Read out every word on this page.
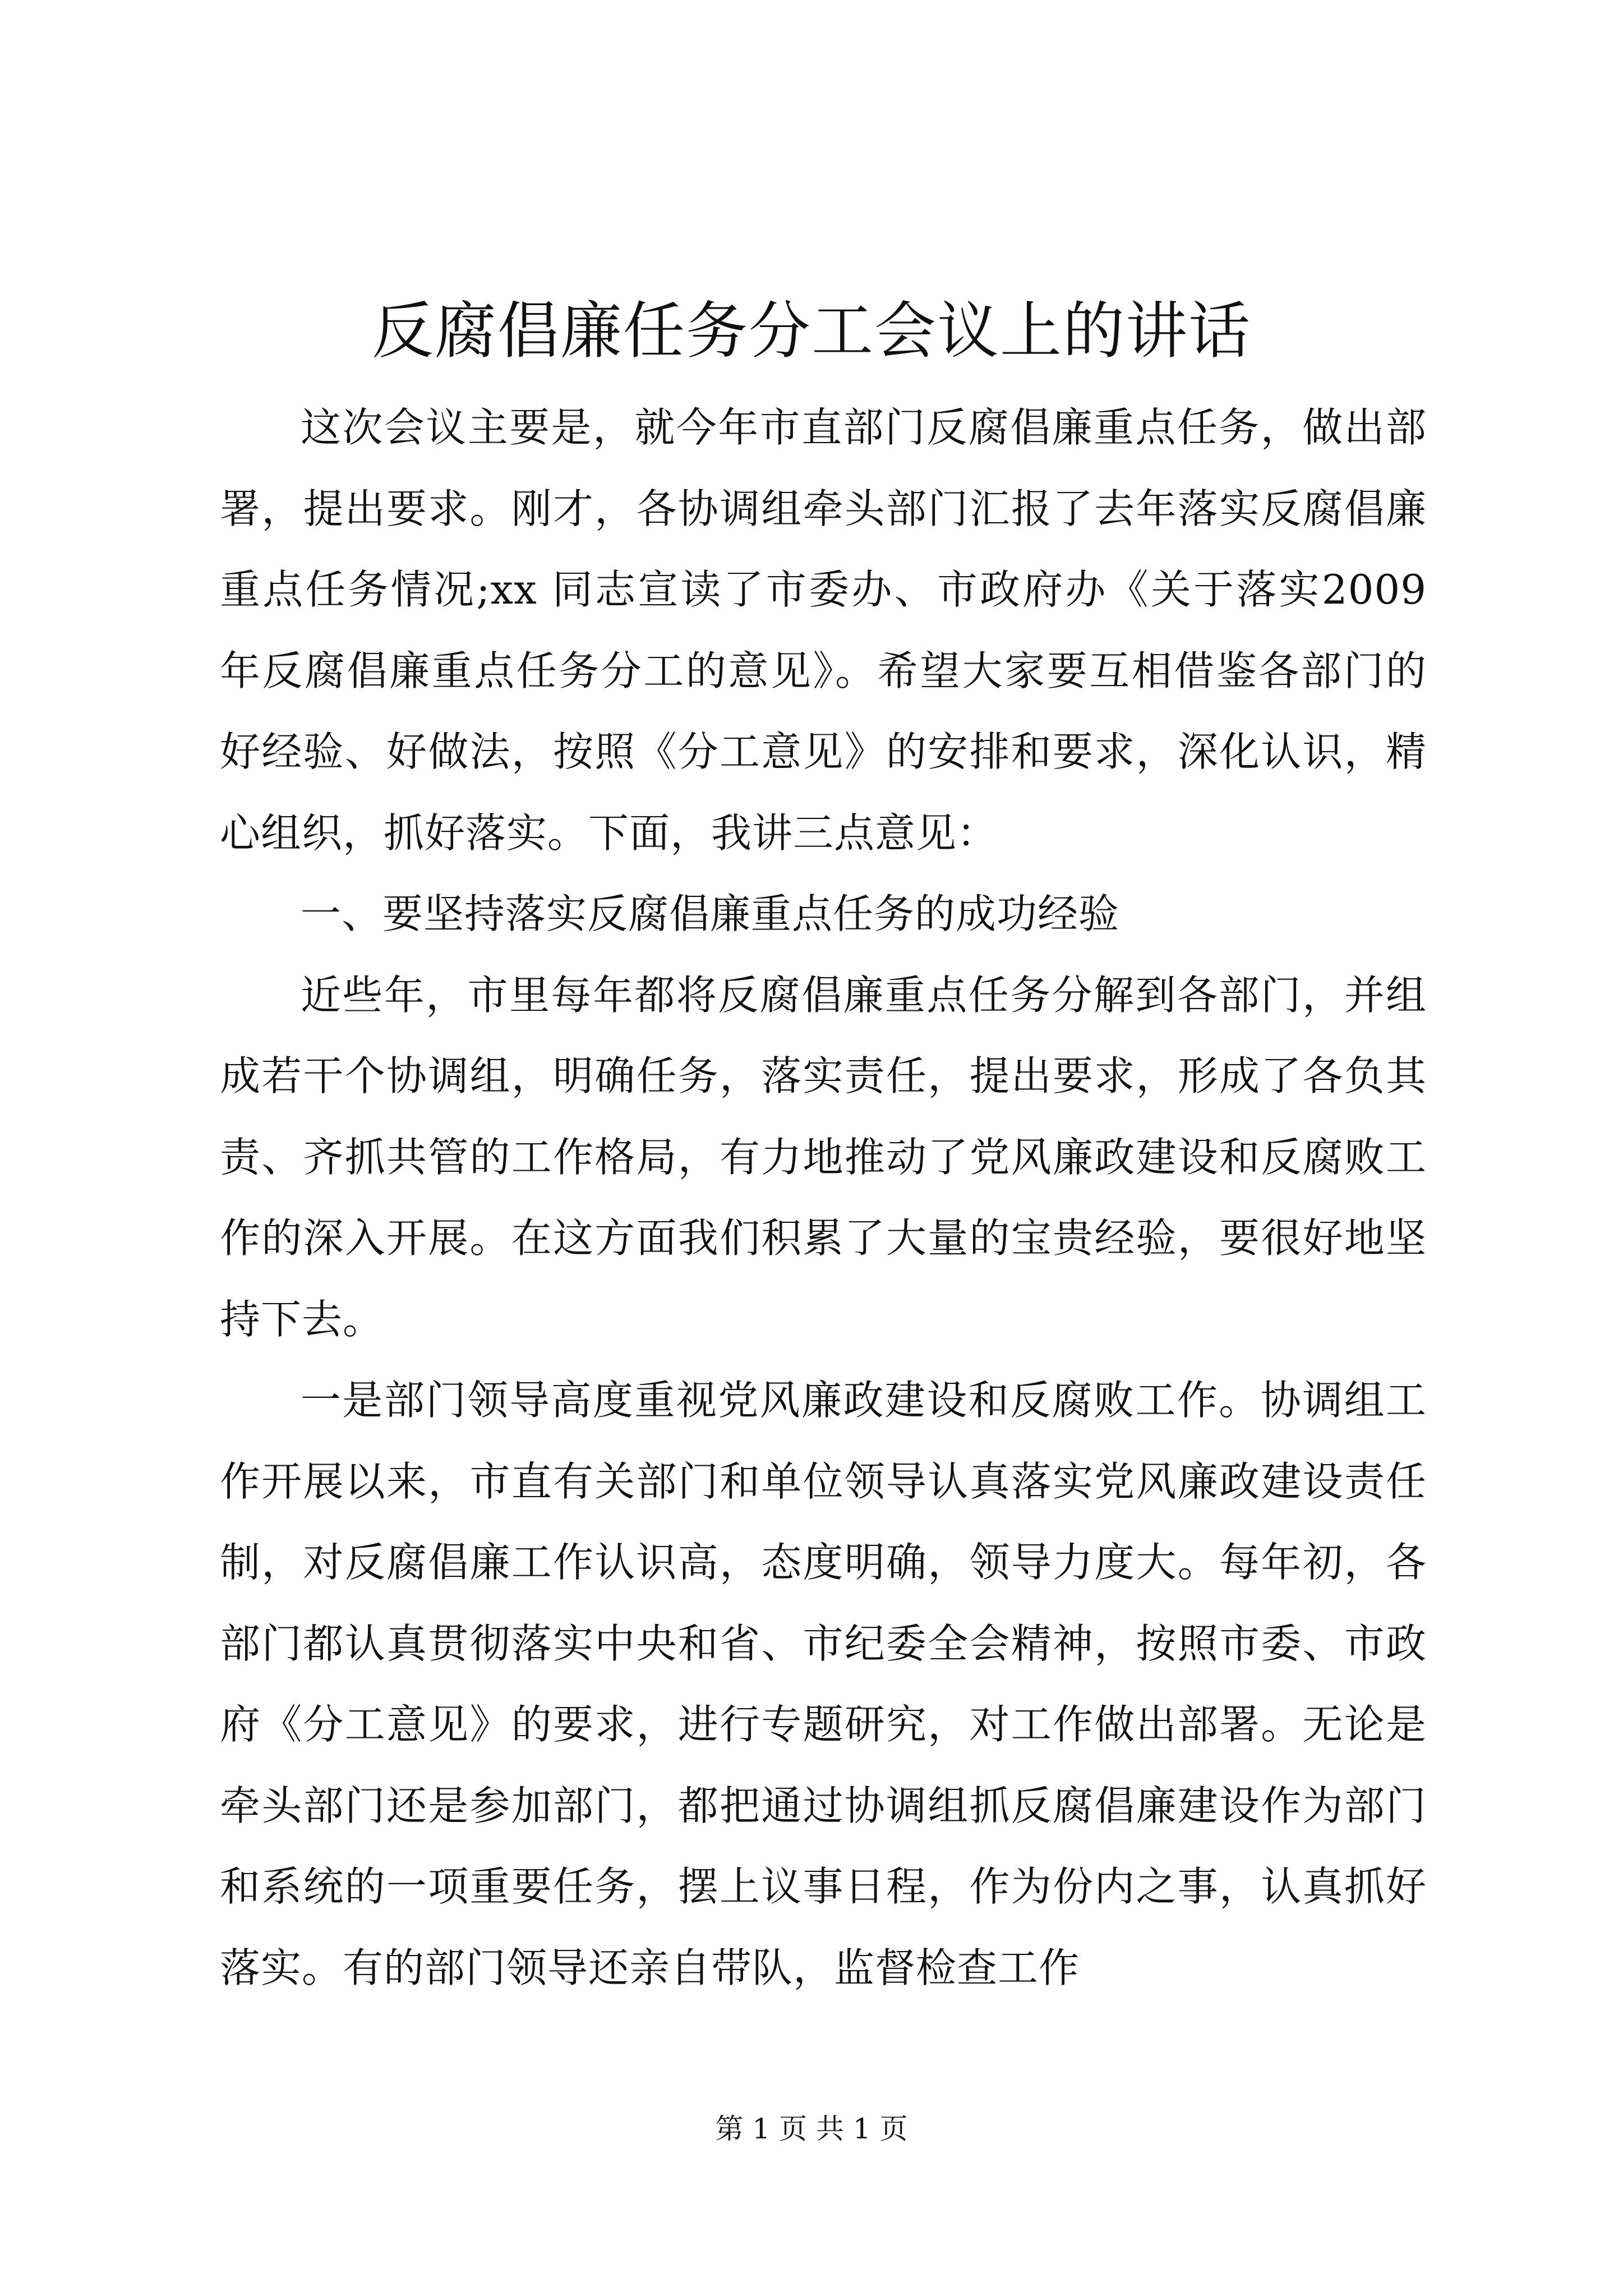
反腐倡廉任务分工会议上的讲话

这次会议主要是，就今年市直部门反腐倡廉重点任务，做出部署，提出要求。刚才，各协调组牵头部门汇报了去年落实反腐倡廉重点任务情况;xx 同志宣读了市委办、市政府办《关于落实2009 年反腐倡廉重点任务分工的意见》。希望大家要互相借鉴各部门的好经验、好做法，按照《分工意见》的安排和要求，深化认识，精心组织，抓好落实。下面，我讲三点意见：

一、要坚持落实反腐倡廉重点任务的成功经验

近些年，市里每年都将反腐倡廉重点任务分解到各部门，并组成若干个协调组，明确任务，落实责任，提出要求，形成了各负其责、齐抓共管的工作格局，有力地推动了党风廉政建设和反腐败工作的深入开展。在这方面我们积累了大量的宝贵经验，要很好地坚持下去。

一是部门领导高度重视党风廉政建设和反腐败工作。协调组工作开展以来，市直有关部门和单位领导认真落实党风廉政建设责任制，对反腐倡廉工作认识高，态度明确，领导力度大。每年初，各部门都认真贯彻落实中央和省、市纪委全会精神，按照市委、市政府《分工意见》的要求，进行专题研究，对工作做出部署。无论是牵头部门还是参加部门，都把通过协调组抓反腐倡廉建设作为部门和系统的一项重要任务，摆上议事日程，作为份内之事，认真抓好落实。有的部门领导还亲自带队，监督检查工作

第 1 页 共 1 页
